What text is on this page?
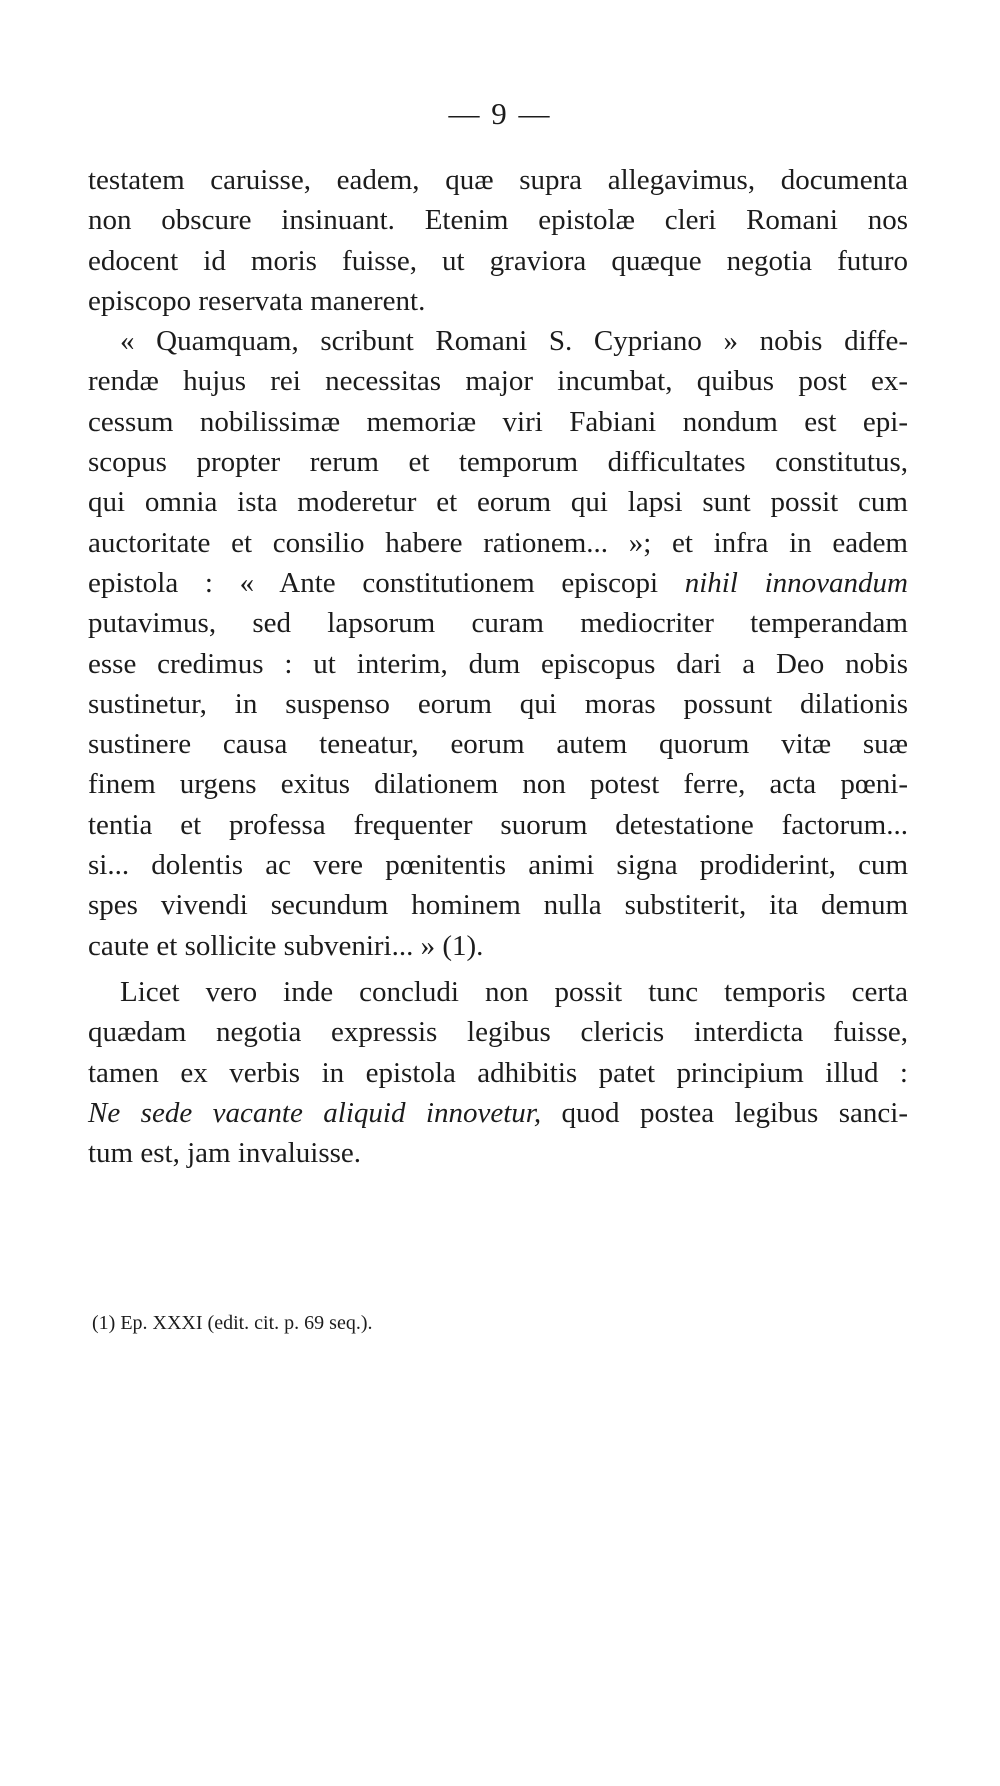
— 9 —
testatem caruisse, eadem, quæ supra allegavimus, documenta
non obscure insinuant. Etenim epistolæ cleri Romani nos
edocent id moris fuisse, ut graviora quæque negotia futuro
episcopo reservata manerent.
« Quamquam, scribunt Romani S. Cypriano » nobis diffe-
rendæ hujus rei necessitas major incumbat, quibus post ex-
cessum nobilissimæ memoriæ viri Fabiani nondum est epi-
scopus propter rerum et temporum difficultates constitutus,
qui omnia ista moderetur et eorum qui lapsi sunt possit cum
auctoritate et consilio habere rationem... »; et infra in eadem
epistola : « Ante constitutionem episcopi nihil innovandum
putavimus, sed lapsorum curam mediocriter temperandam
esse credimus : ut interim, dum episcopus dari a Deo nobis
sustinetur, in suspenso eorum qui moras possunt dilationis
sustinere causa teneatur, eorum autem quorum vitæ suæ
finem urgens exitus dilationem non potest ferre, acta pœni-
tentia et professa frequenter suorum detestatione factorum...
si... dolentis ac vere pœnitentis animi signa prodiderint, cum
spes vivendi secundum hominem nulla substiterit, ita demum
caute et sollicite subveniri... » (1).
Licet vero inde concludi non possit tunc temporis certa
quædam negotia expressis legibus clericis interdicta fuisse,
tamen ex verbis in epistola adhibitis patet principium illud :
Ne sede vacante aliquid innovetur, quod postea legibus sanci-
tum est, jam invaluisse.
(1) Ep. XXXI (edit. cit. p. 69 seq.).
